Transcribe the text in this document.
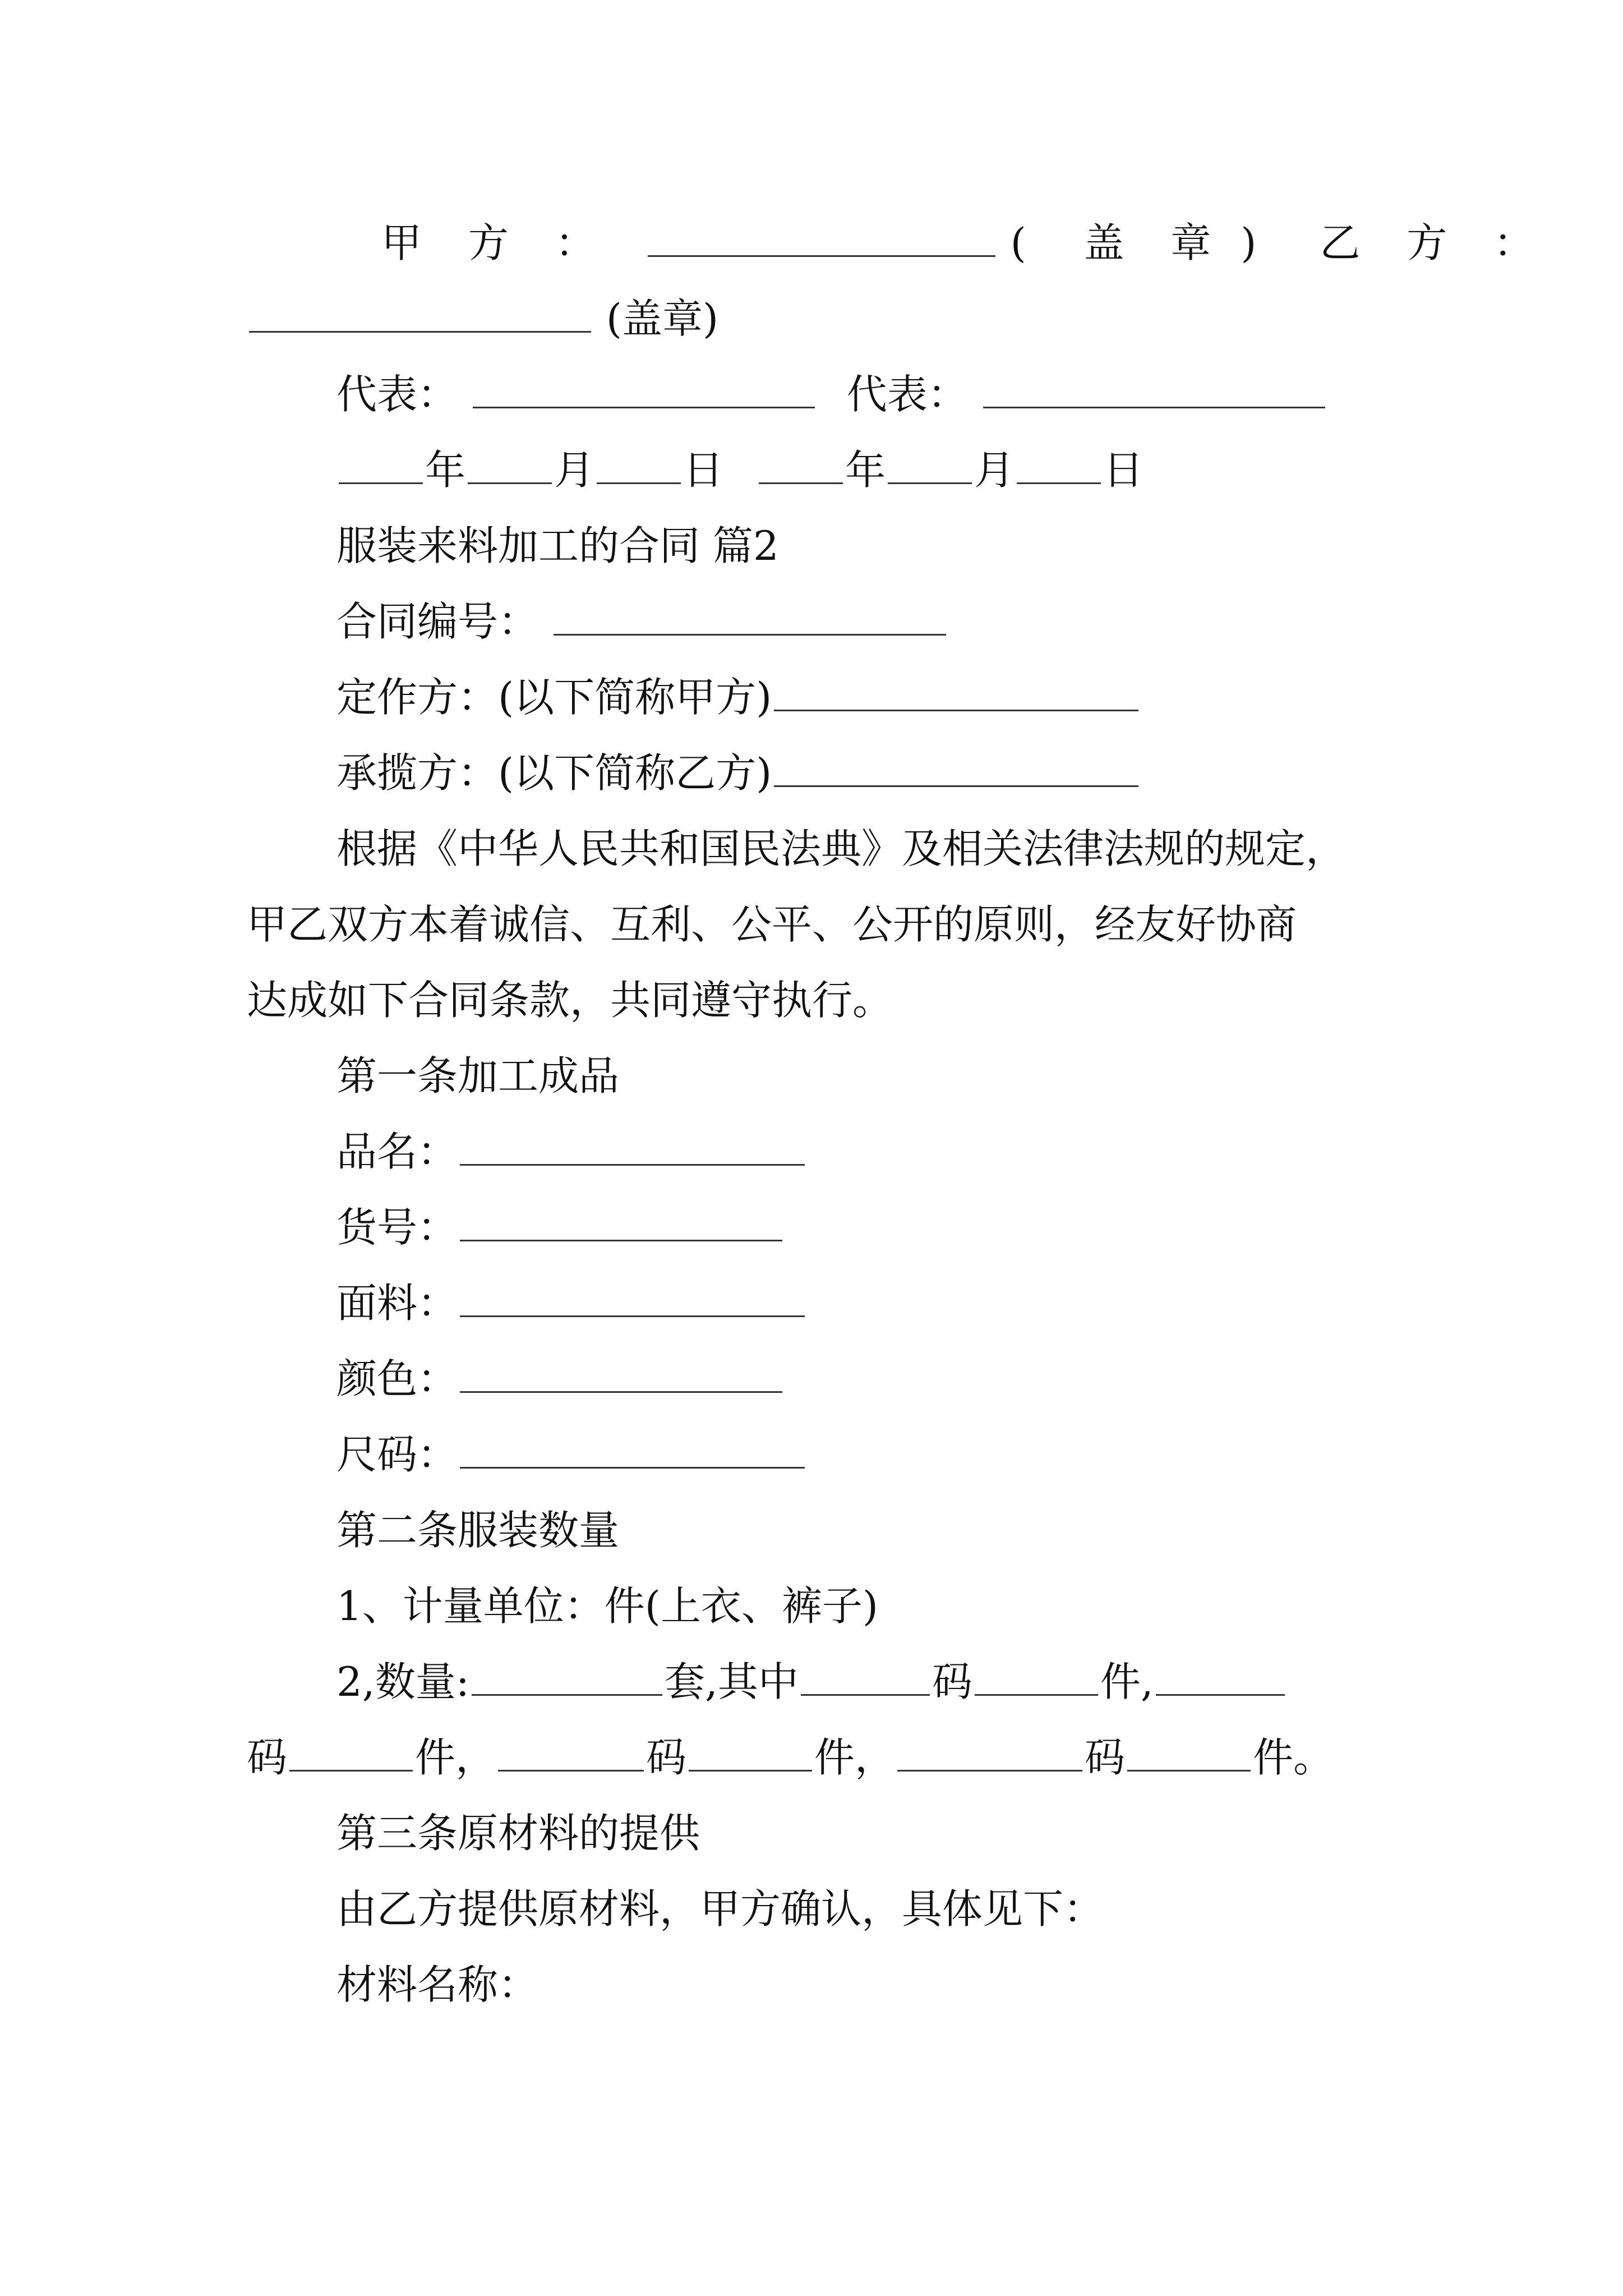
甲 方 ：	( 盖 章 ) 乙 方 ：
(盖章)
代表：	代表：
年 月 日	年 月 日
服装来料加工的合同 篇2
合同编号：
定作方：(以下简称甲方)
承揽方：(以下简称乙方)
根据《中华人民共和国民法典》及相关法律法规的规定，
甲乙双方本着诚信、互利、公平、公开的原则，经友好协商
达成如下合同条款，共同遵守执行。
第一条加工成品
品名：
货号：
面料：
颜色：
尺码：
第二条服装数量
1、计量单位：件(上衣、裤子)
2,数量:	套,其中	码	件,
码	件，	码	件，	码	件。
第三条原材料的提供
由乙方提供原材料，甲方确认，具体见下：
材料名称：
